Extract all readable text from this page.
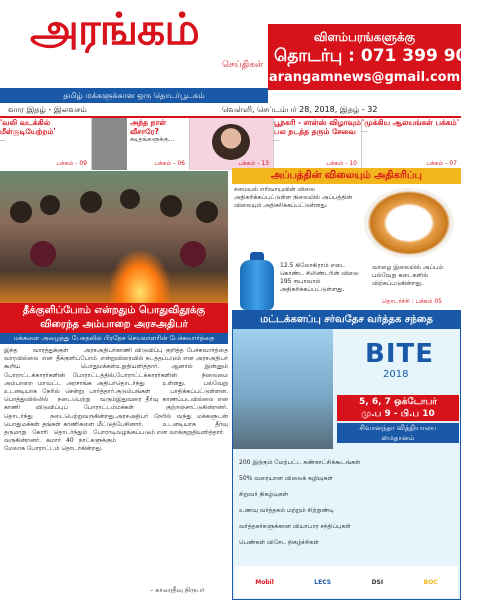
அரங்கம்
செய்திகள்
விளம்பரங்களுக்கு
தொடர்பு : 071 399 909 1
arangamnews@gmail.com
தமிழ் மக்களுக்கான ஒரு தொடர்பூடகம்
வார இதழ் - இலவசம்	வெள்ளி, செப்டம்பர் 28, 2018, இதழ் - 32
'வலி வடக்கில் மீள்குடியேற்றம்'

...

பக்கம் - 09
அந்த நாள் வீசாரே?

கடிதங்களுக்கு...

பக்கம் - 06	பக்கம் - 13
பூநகரி - சாள்ஸ் விழாவும் பல நடத்த தரும் சேவை

...

பக்கம் - 10
'முக்கிய ஆலயங்கள் பக்கம்'

...

பக்கம் - 07
தீக்குளிப்போம் என்றதும் பொதுவிதூக்கு
விரைந்த அம்பாறை அரசஅதிபர்
மக்களை அழைத்து பேசுதலில் பிரதேச செயலாளரின் பேச்சுவார்த்தை
இந்த வாரத்துக்குள் அரசஅதிபர் வாரவில்லை என தீக்குளிப்போம் என்று கூறிய பொதுமக்கள் போராட்டக்காரர்களின் போராட்டத்தில், அம்பாறை மாவட்ட அரசாங்க அதிபர் உடனடியாக நேரில் சென்று பார்த்தார். பொத்துவில்லில் நடைபெற்று வரும் காணி விடுவிப்புப் போராட்டம் தொடர்ந்து நடைபெற்றுவருகின்றது. பொதுமக்கள் தங்கள் காணிகளை மீட்டுத் தருமாறு கோரி தொடர்ந்தும் போராடி வருகின்றனர். சுமார் 40 நாட்களுக்கும் மேலாக போராட்டம் தொடர்கின்றது.
காணி விடுவிப்பு குறித்த பேச்சுவார்த்தை விரைவில் நடத்தப்படும் என அரசஅதிபர் உறுதியளித்தார். ஆனால் இன்னும் போராட்டக்காரர்களின் நிலைமை தொடர்ந்து உள்ளது. பல்வேறு குடும்பங்கள் பாதிக்கப்பட்டுள்ளன. இதுவரை தீர்வு காணப்படவில்லை என மக்கள் குற்றஞ்சாட்டுகின்றனர். அரசஅதிபர் நேரில் வந்து மக்களுடன் பேசினார். உடனடியாக தீர்வு வழங்கப்படும் என வாக்குறுதியளித்தார்.
– காரைதீவு நிருபர்
அப்பத்தின் விலையும் அதிகரிப்பு
சமையல் எரிவாயுவின் விலை அதிகரிக்கப்பட்டுள்ள நிலையில் அப்பத்தின் விலையும் அதிகரிக்கப்பட்டுள்ளது.
12.5 கிலோகிராம் எடை கொண்ட சிலிண்டரின் விலை 195 ரூபாவால் அதிகரிக்கப்பட்டுள்ளது.
வாழை இலையில் அப்பம் பல்வேறு கடைகளில் விற்கப்படுகின்றது.
தொடர்ச்சி : பக்கம் 05
மட்டக்களப்பு சர்வதேச வர்த்தக சந்தை
BITE
2018
5, 6, 7 ஒக்டோபர்
மு.ப 9 - பி.ப 10
சிவானந்தா வித்தியாலய
மைதானம்
200 இற்கும் மேற்பட்ட கண்காட்சிக்கூடங்கள்
50% வரையான விலைக் கழிவுகள்
சிறுவர் நிகழ்வுகள்
உணவு வர்த்தகம் மற்றும் சிற்றுண்டி
வர்த்தகர்களுக்கான வியாபார சந்திப்புகள்
பெண்கள் விசேட நிகழ்ச்சிகள்
Mobil	LECS	DSI	BOC
